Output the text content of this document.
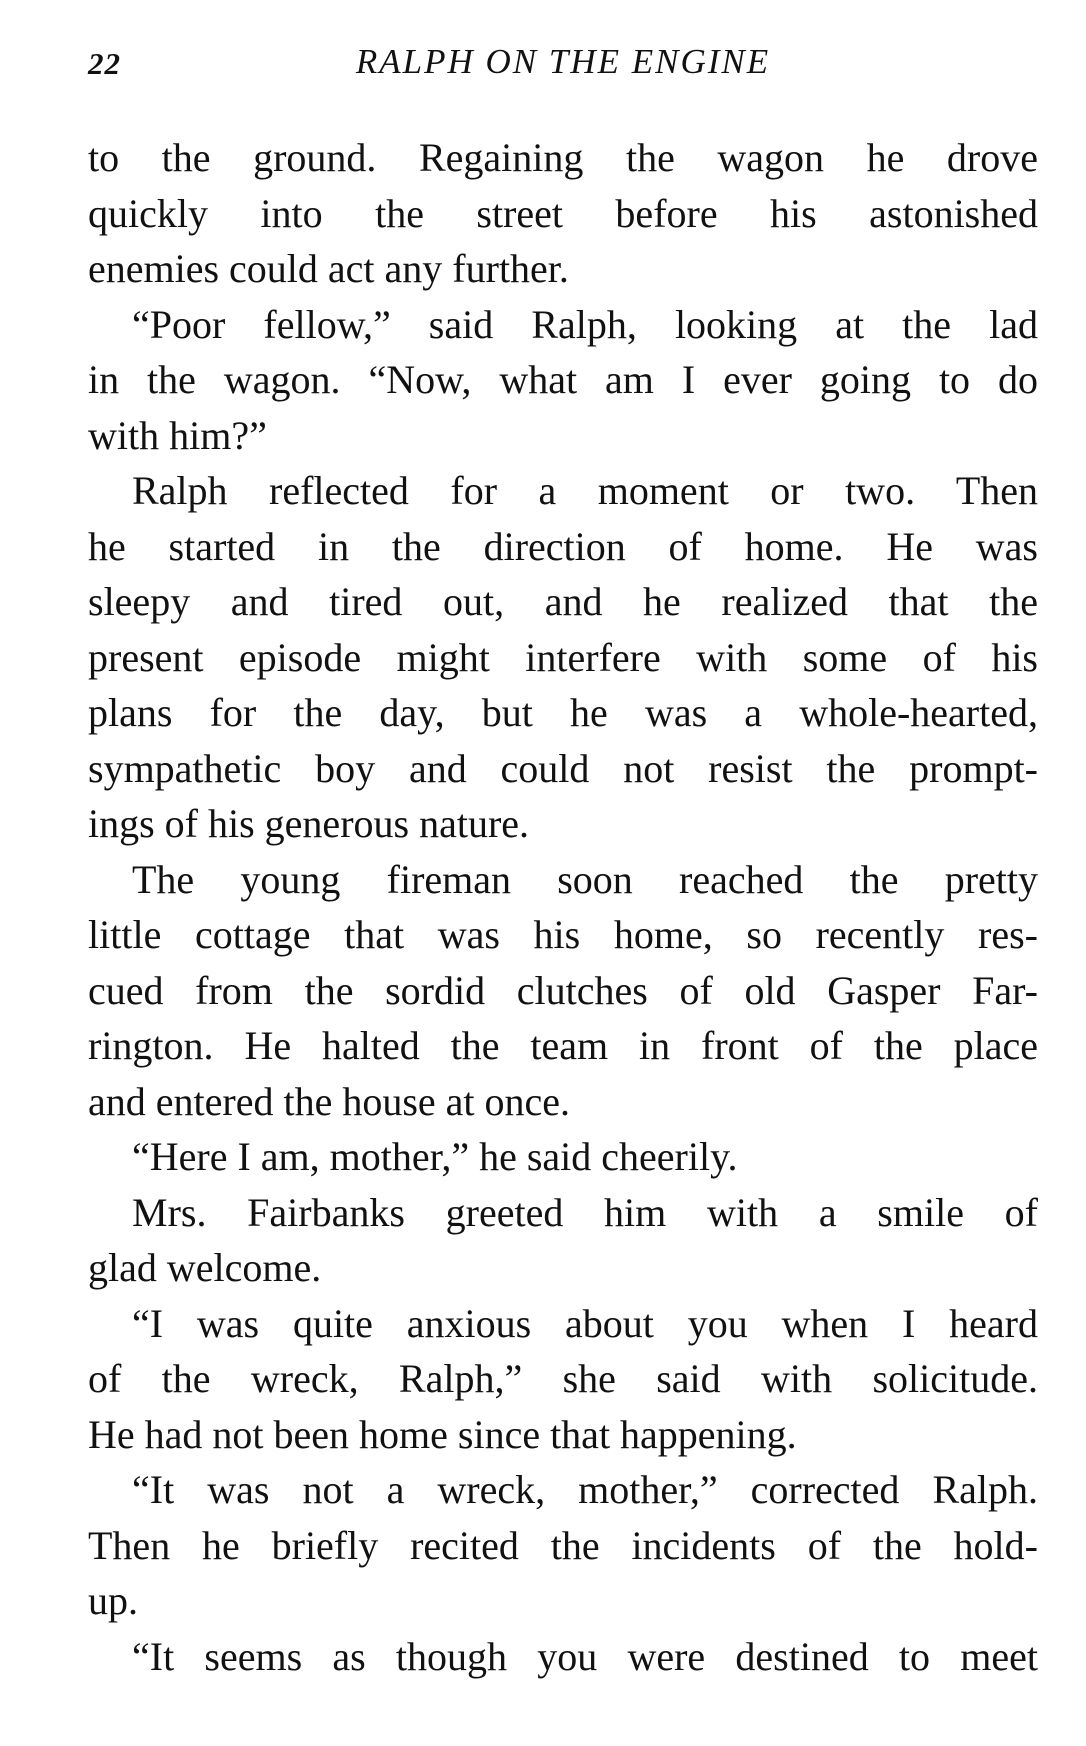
22	RALPH ON THE ENGINE
to the ground. Regaining the wagon he drove
quickly into the street before his astonished
enemies could act any further.
“Poor fellow,” said Ralph, looking at the lad
in the wagon. “Now, what am I ever going to do
with him?”
Ralph reflected for a moment or two. Then
he started in the direction of home. He was
sleepy and tired out, and he realized that the
present episode might interfere with some of his
plans for the day, but he was a whole-hearted,
sympathetic boy and could not resist the prompt-
ings of his generous nature.
The young fireman soon reached the pretty
little cottage that was his home, so recently res-
cued from the sordid clutches of old Gasper Far-
rington. He halted the team in front of the place
and entered the house at once.
“Here I am, mother,” he said cheerily.
Mrs. Fairbanks greeted him with a smile of
glad welcome.
“I was quite anxious about you when I heard
of the wreck, Ralph,” she said with solicitude.
He had not been home since that happening.
“It was not a wreck, mother,” corrected Ralph.
Then he briefly recited the incidents of the hold-
up.
“It seems as though you were destined to meet
